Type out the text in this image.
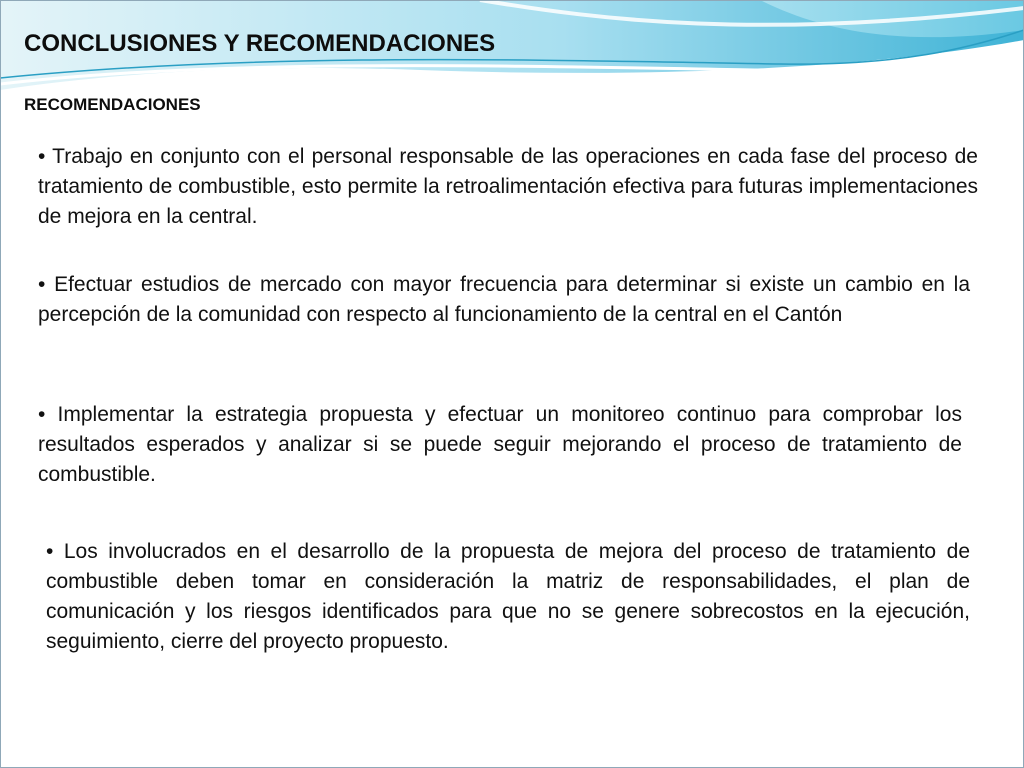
CONCLUSIONES Y RECOMENDACIONES
RECOMENDACIONES

• Trabajo en conjunto con el personal responsable de las operaciones en cada fase del proceso de tratamiento de combustible, esto permite la retroalimentación efectiva para futuras implementaciones de mejora en la central.

• Efectuar estudios de mercado con mayor frecuencia para determinar si existe un cambio en la percepción de la comunidad con respecto al funcionamiento de la central en el Cantón

• Implementar la estrategia propuesta y efectuar un monitoreo continuo para comprobar los resultados esperados y analizar si se puede seguir mejorando el proceso de tratamiento de combustible.

• Los involucrados en el desarrollo de la propuesta de mejora del proceso de tratamiento de combustible deben tomar en consideración la matriz de responsabilidades, el plan de comunicación y los riesgos identificados para que no se genere sobrecostos en la ejecución, seguimiento, cierre del proyecto propuesto.
